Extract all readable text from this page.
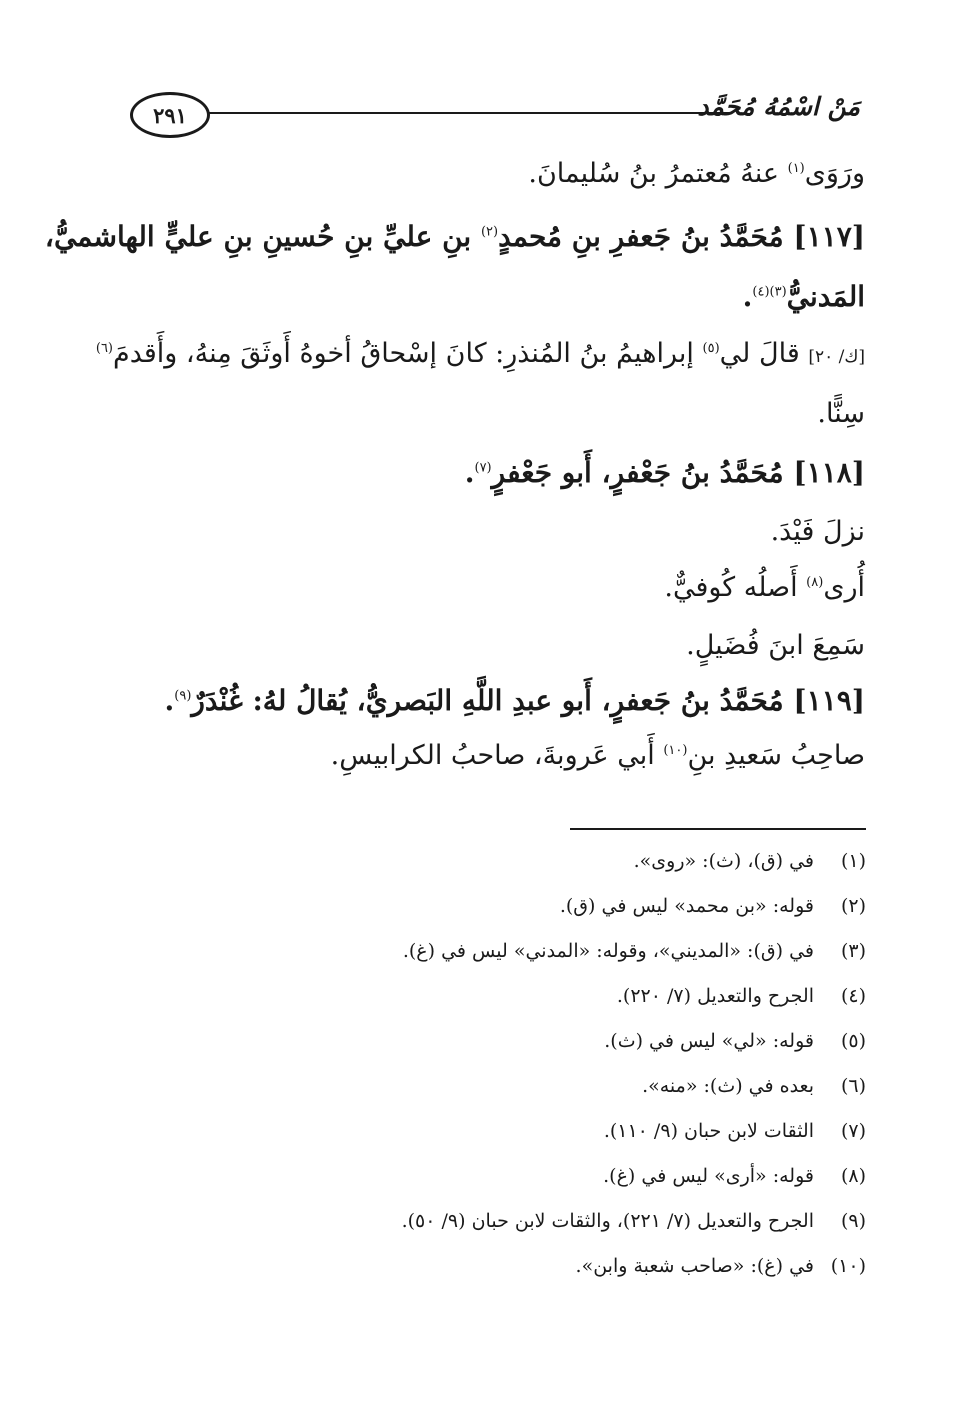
٢٩١	مَنْ اسْمُهُ مُحَمَّد
ورَوَى$^{(١)}$ عنهُ مُعتمرُ بنُ سُليمانَ.
[١١٧] مُحَمَّدُ بنُ جَعفرِ بنِ مُحمدٍ$^{(٢)}$ بنِ عليِّ بنِ حُسينِ بنِ عليٍّ الهاشميُّ،
المَدنيُّ$^{(٣)(٤)}$.
[ك/ ٢٠] قالَ لي$^{(٥)}$ إبراهيمُ بنُ المُنذرِ: كانَ إسْحاقُ أخوهُ أَوثَقَ مِنهُ، وأَقدمَ$^{(٦)}$
سِنًّا.
[١١٨] مُحَمَّدُ بنُ جَعْفرٍ، أَبو جَعْفرٍ$^{(٧)}$.
نزلَ فَيْدَ.
أُرى$^{(٨)}$ أَصلُه كُوفيٌّ.
سَمِعَ ابنَ فُضَيلٍ.
[١١٩] مُحَمَّدُ بنُ جَعفرٍ، أَبو عبدِ اللَّهِ البَصريُّ، يُقالُ لهُ: غُنْدَرٌ$^{(٩)}$.
صاحِبُ سَعيدِ بنِ$^{(١٠)}$ أَبي عَروبةَ، صاحبُ الكرابيسِ.
(١)في (ق)، (ث): «روى».
(٢)قوله: «بن محمد» ليس في (ق).
(٣)في (ق): «المديني»، وقوله: «المدني» ليس في (غ).
(٤)الجرح والتعديل (٧/ ٢٢٠).
(٥)قوله: «لي» ليس في (ث).
(٦)بعده في (ث): «منه».
(٧)الثقات لابن حبان (٩/ ١١٠).
(٨)قوله: «أرى» ليس في (غ).
(٩)الجرح والتعديل (٧/ ٢٢١)، والثقات لابن حبان (٩/ ٥٠).
(١٠)في (غ): «صاحب شعبة وابن».
